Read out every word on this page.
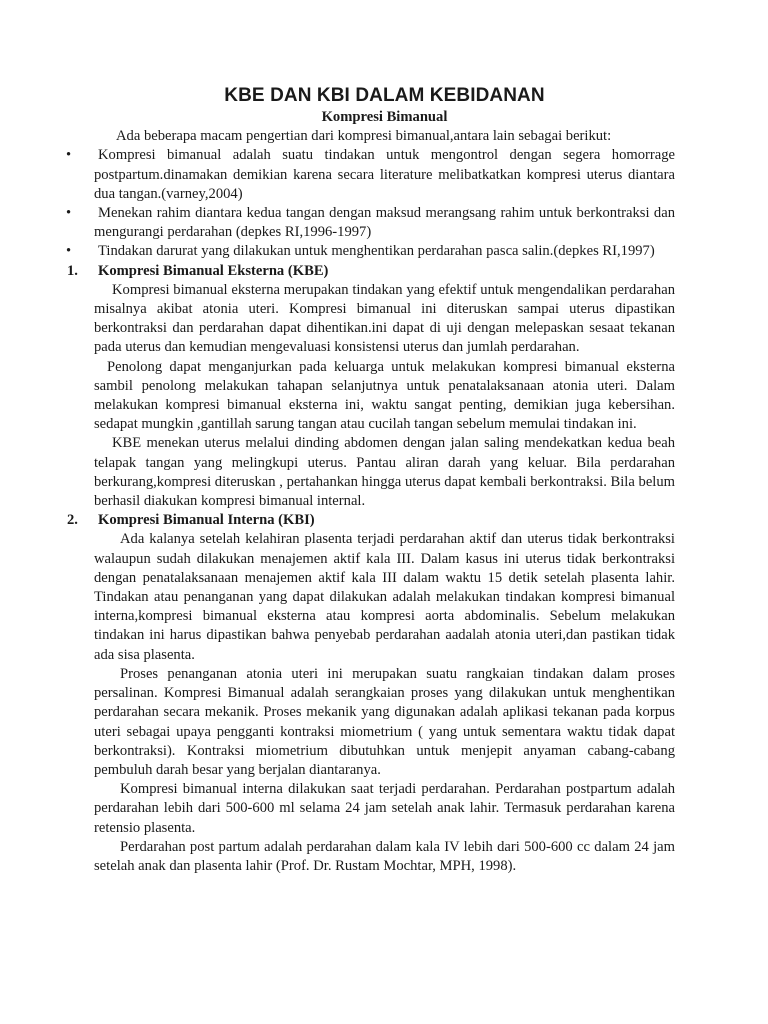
KBE DAN KBI DALAM KEBIDANAN

Kompresi Bimanual

Ada beberapa macam pengertian dari kompresi bimanual,antara lain sebagai berikut:

• Kompresi bimanual adalah suatu tindakan untuk mengontrol dengan segera homorrage postpartum.dinamakan demikian karena secara literature melibatkatkan kompresi uterus diantara dua tangan.(varney,2004)
• Menekan rahim diantara kedua tangan dengan maksud merangsang rahim untuk berkontraksi dan mengurangi perdarahan (depkes RI,1996-1997)
• Tindakan darurat yang dilakukan untuk menghentikan perdarahan pasca salin.(depkes RI,1997)
1. Kompresi Bimanual Eksterna (KBE)

Kompresi bimanual eksterna merupakan tindakan yang efektif untuk mengendalikan perdarahan misalnya akibat atonia uteri. Kompresi bimanual ini diteruskan sampai uterus dipastikan berkontraksi dan perdarahan dapat dihentikan.ini dapat di uji dengan melepaskan sesaat tekanan pada uterus dan kemudian mengevaluasi konsistensi uterus dan jumlah perdarahan.

Penolong dapat menganjurkan pada keluarga untuk melakukan kompresi bimanual eksterna sambil penolong melakukan tahapan selanjutnya untuk penatalaksanaan atonia uteri. Dalam melakukan kompresi bimanual eksterna ini, waktu sangat penting, demikian juga kebersihan. sedapat mungkin ,gantillah sarung tangan atau cucilah tangan sebelum memulai tindakan ini.

KBE menekan uterus melalui dinding abdomen dengan jalan saling mendekatkan kedua beah telapak tangan yang melingkupi uterus. Pantau aliran darah yang keluar. Bila perdarahan berkurang,kompresi diteruskan , pertahankan hingga uterus dapat kembali berkontraksi. Bila belum berhasil diakukan kompresi bimanual internal.

2. Kompresi Bimanual Interna (KBI)

Ada kalanya setelah kelahiran plasenta terjadi perdarahan aktif dan uterus tidak berkontraksi walaupun sudah dilakukan menajemen aktif kala III. Dalam kasus ini uterus tidak berkontraksi dengan penatalaksanaan menajemen aktif kala III dalam waktu 15 detik setelah plasenta lahir. Tindakan atau penanganan yang dapat dilakukan adalah melakukan tindakan kompresi bimanual interna,kompresi bimanual eksterna atau kompresi aorta abdominalis. Sebelum melakukan tindakan ini harus dipastikan bahwa penyebab perdarahan aadalah atonia uteri,dan pastikan tidak ada sisa plasenta.

Proses penanganan atonia uteri ini merupakan suatu rangkaian tindakan dalam proses persalinan. Kompresi Bimanual adalah serangkaian proses yang dilakukan untuk menghentikan perdarahan secara mekanik. Proses mekanik yang digunakan adalah aplikasi tekanan pada korpus uteri sebagai upaya pengganti kontraksi miometrium ( yang untuk sementara waktu tidak dapat berkontraksi). Kontraksi miometrium dibutuhkan untuk menjepit anyaman cabang-cabang pembuluh darah besar yang berjalan diantaranya.

Kompresi bimanual interna dilakukan saat terjadi perdarahan. Perdarahan postpartum adalah perdarahan lebih dari 500-600 ml selama 24 jam setelah anak lahir. Termasuk perdarahan karena retensio plasenta.

Perdarahan post partum adalah perdarahan dalam kala IV lebih dari 500-600 cc dalam 24 jam setelah anak dan plasenta lahir (Prof. Dr. Rustam Mochtar, MPH, 1998).
